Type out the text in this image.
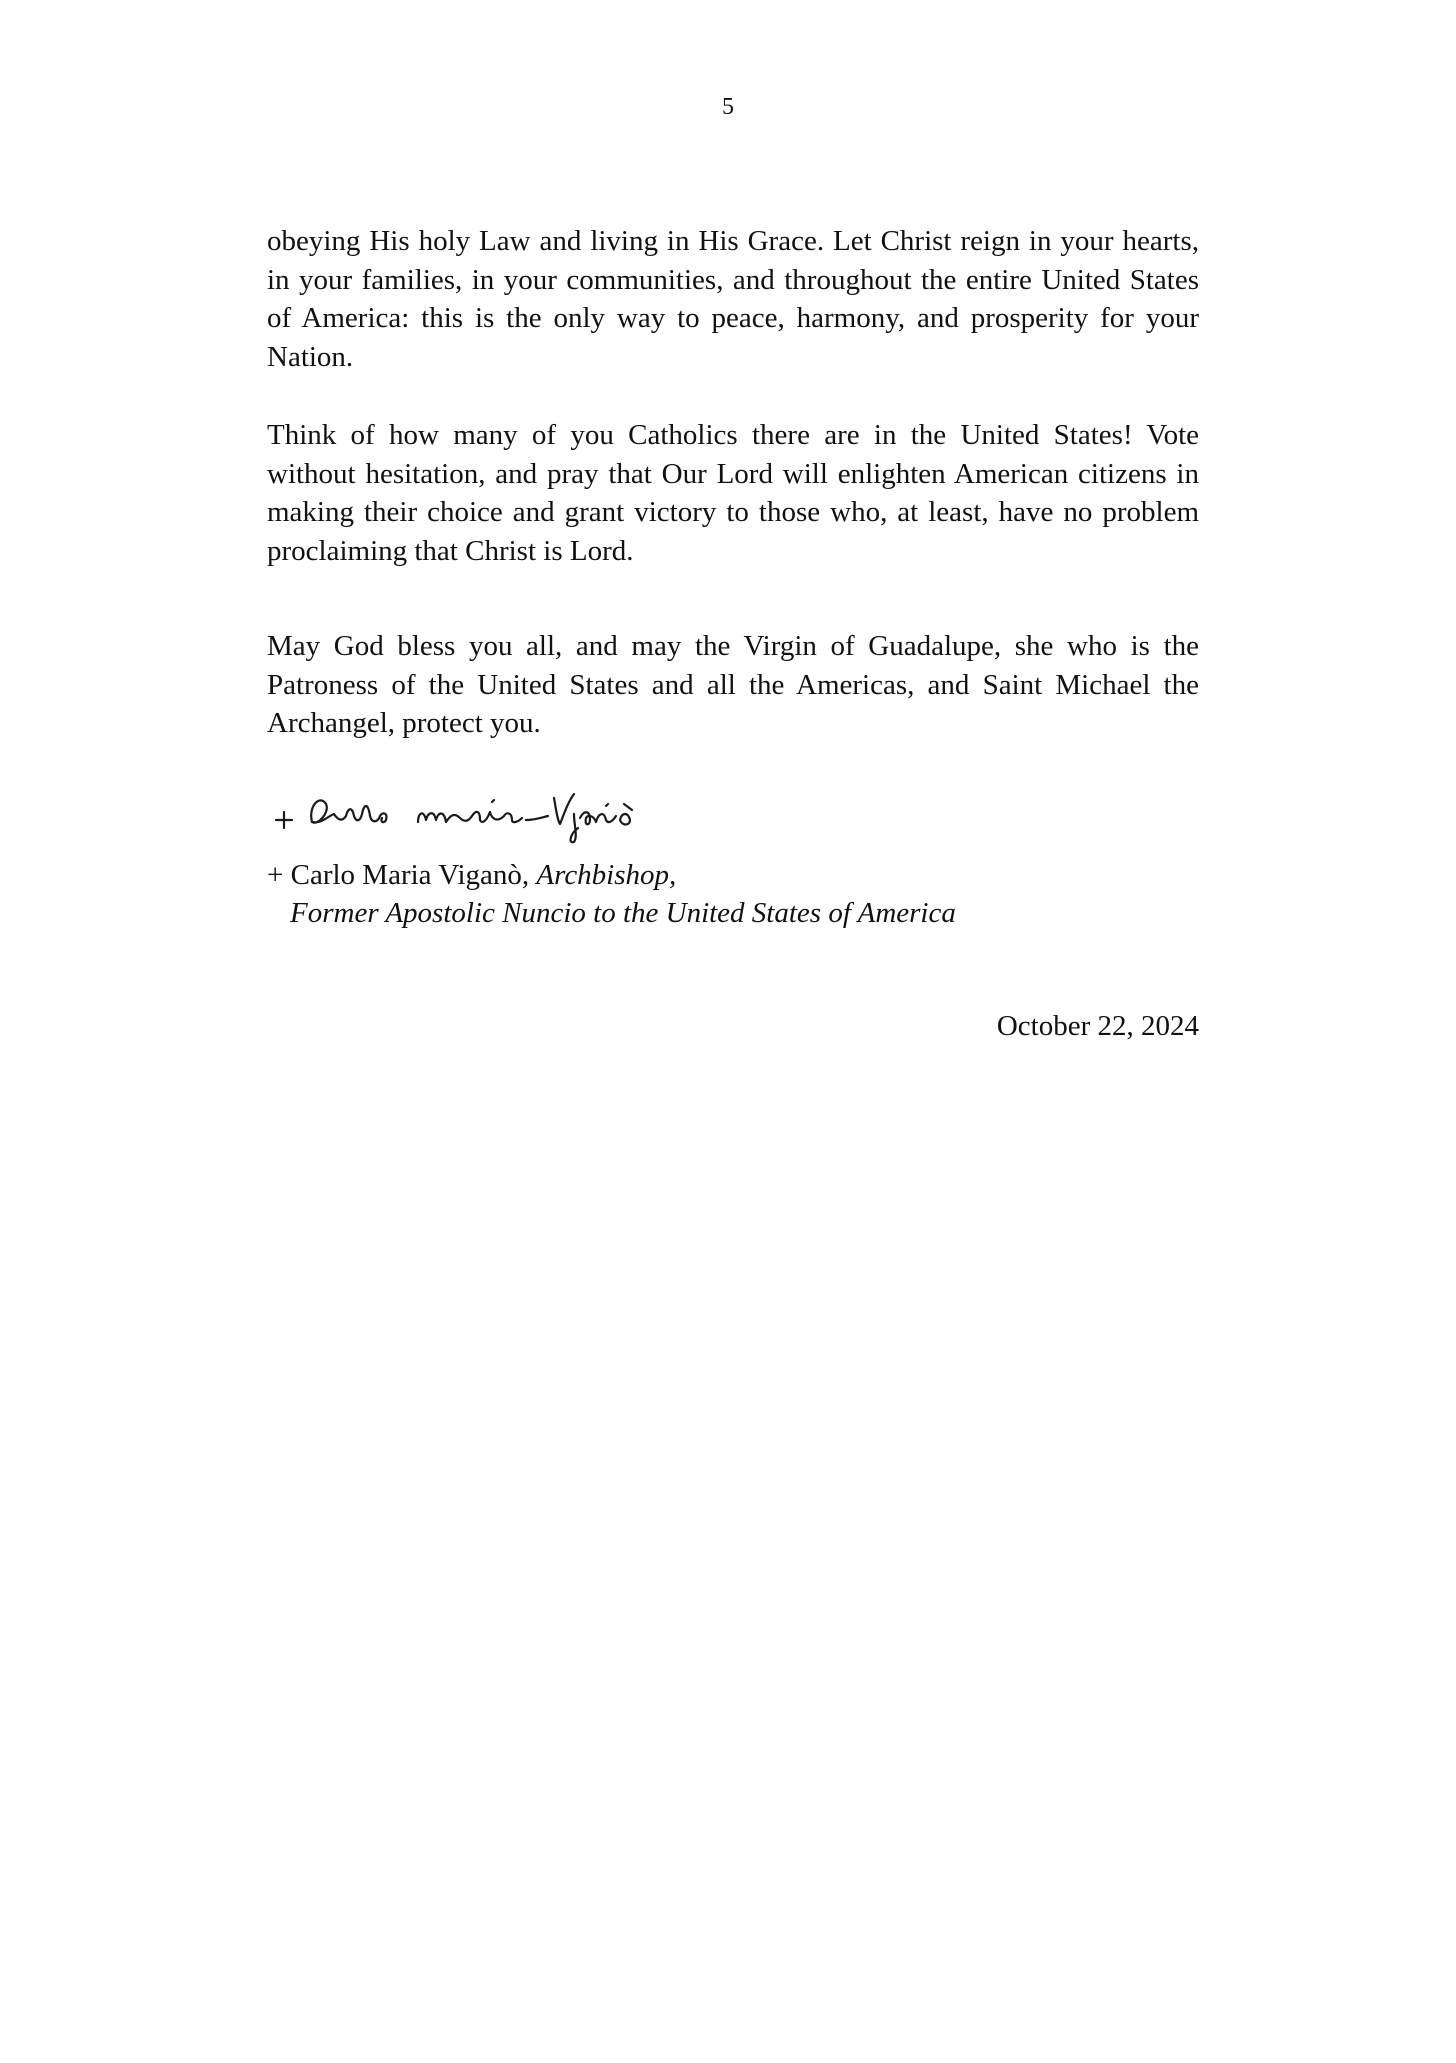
5

obeying His holy Law and living in His Grace. Let Christ reign in your hearts, in your families, in your communities, and throughout the entire United States of America: this is the only way to peace, harmony, and prosperity for your Nation.

Think of how many of you Catholics there are in the United States! Vote without hesitation, and pray that Our Lord will enlighten American citizens in making their choice and grant victory to those who, at least, have no problem proclaiming that Christ is Lord.

May God bless you all, and may the Virgin of Guadalupe, she who is the Patroness of the United States and all the Americas, and Saint Michael the Archangel, protect you.

+ Carlo Maria Viganò, Archbishop,
Former Apostolic Nuncio to the United States of America
October 22, 2024
